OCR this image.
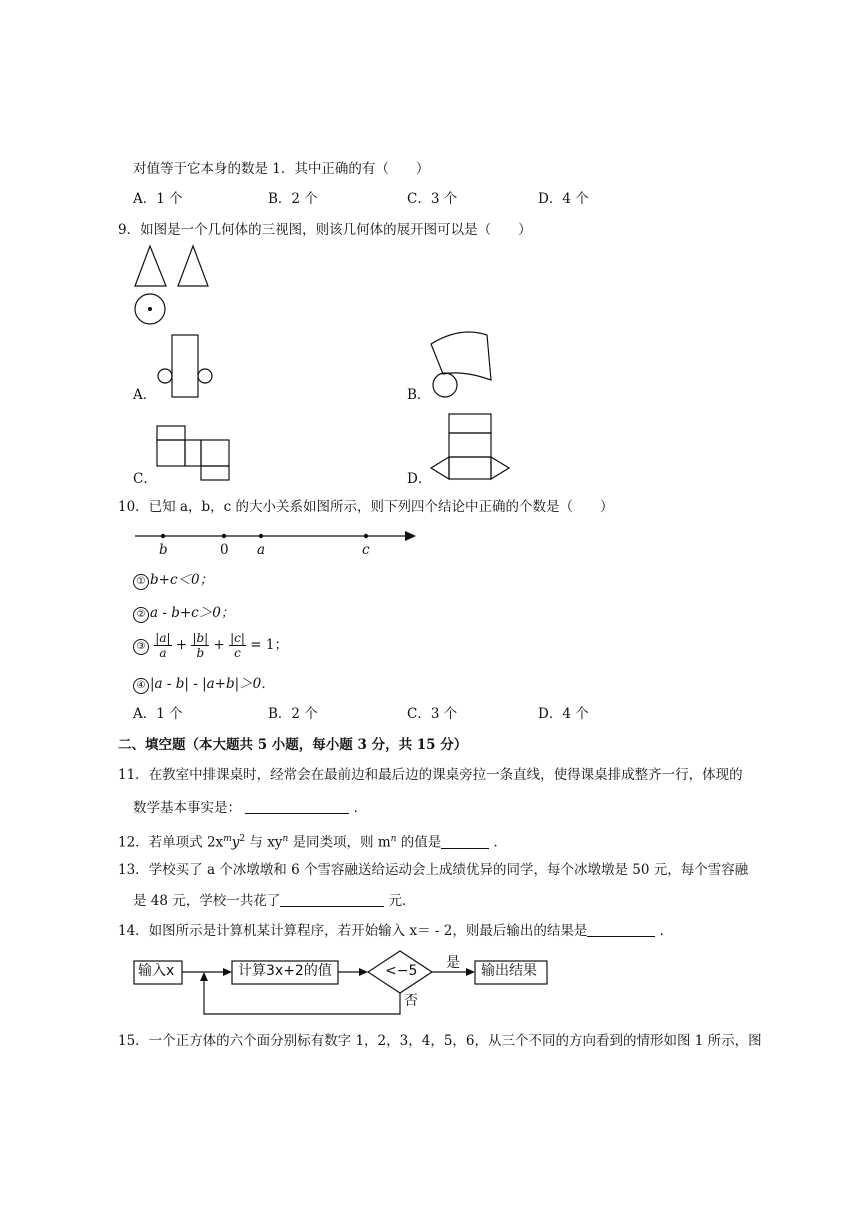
对值等于它本身的数是 1．其中正确的有（　　）
A．1 个	B．2 个	C．3 个	D．4 个
9．如图是一个几何体的三视图，则该几何体的展开图可以是（　　）
A．	B．
C．	D．
10．已知 a，b，c 的大小关系如图所示，则下列四个结论中正确的个数是（　　）
b	0 a	c
① b+c＜0；
② a ‐ b+c＞0；
③ $\frac{|a|}{a} + \frac{|b|}{b} + \frac{|c|}{c} = 1$；
④ |a ‐ b| ‐ |a+b|＞0．
A．1 个	B．2 个	C．3 个	D．4 个
二、填空题（本大题共 5 小题，每小题 3 分，共 15 分）
11．在教室中排课桌时，经常会在最前边和最后边的课桌旁拉一条直线，使得课桌排成整齐一行，体现的
数学基本事实是：	．
12．若单项式 $2x^my^2$ 与 $xy^n$ 是同类项，则 $m^n$ 的值是	．
13．学校买了 a 个冰墩墩和 6 个雪容融送给运动会上成绩优异的同学，每个冰墩墩是 50 元，每个雪容融
是 48 元，学校一共花了	元．
14．如图所示是计算机某计算程序，若开始输入 x＝ ‐ 2，则最后输出的结果是	．
输入x	计算3x+2的值	<−5 是 输出结果
否
15．一个正方体的六个面分别标有数字 1，2，3，4，5，6，从三个不同的方向看到的情形如图 1 所示，图
